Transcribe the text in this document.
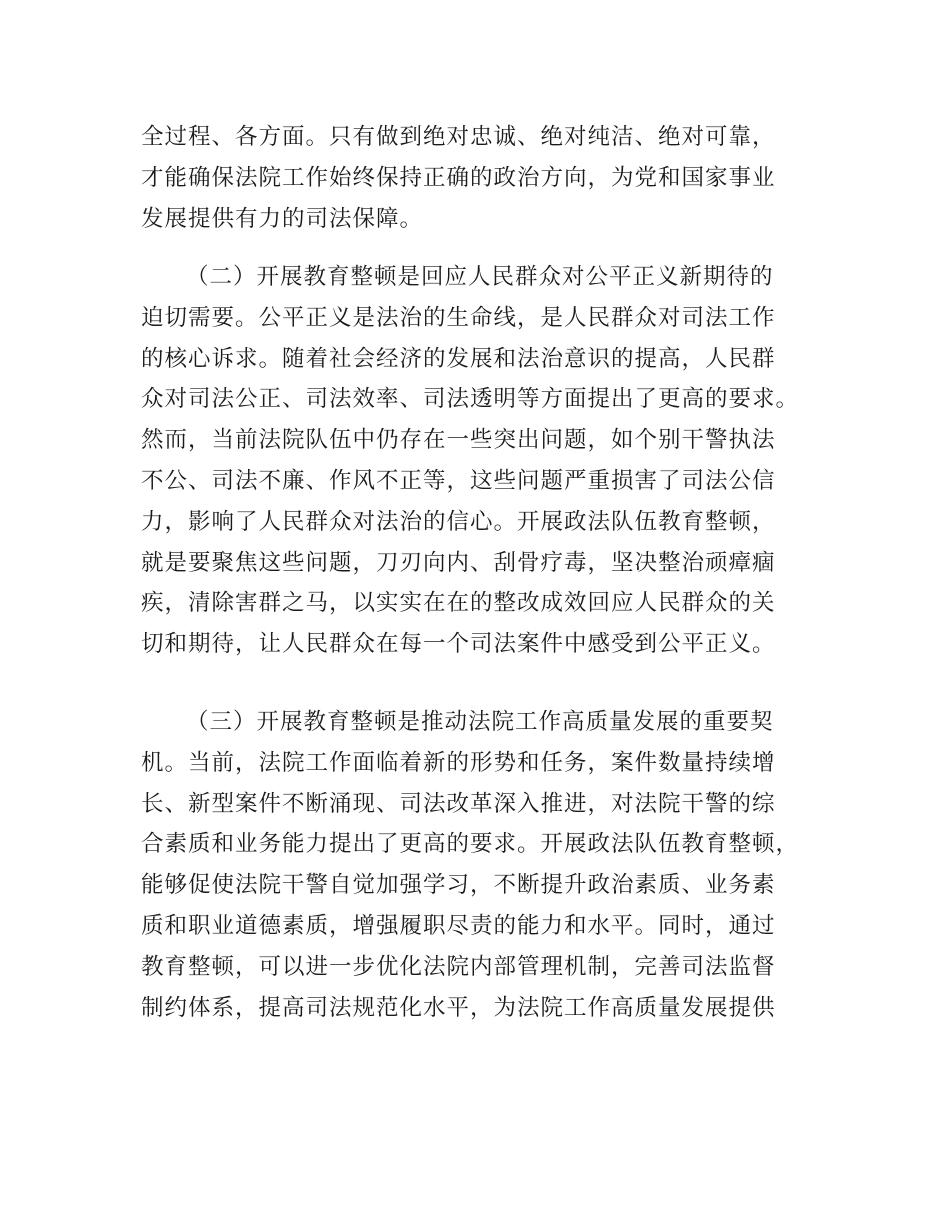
全过程、各方面。只有做到绝对忠诚、绝对纯洁、绝对可靠，
才能确保法院工作始终保持正确的政治方向，为党和国家事业
发展提供有力的司法保障。
（二）开展教育整顿是回应人民群众对公平正义新期待的
迫切需要。公平正义是法治的生命线，是人民群众对司法工作
的核心诉求。随着社会经济的发展和法治意识的提高，人民群
众对司法公正、司法效率、司法透明等方面提出了更高的要求。
然而，当前法院队伍中仍存在一些突出问题，如个别干警执法
不公、司法不廉、作风不正等，这些问题严重损害了司法公信
力，影响了人民群众对法治的信心。开展政法队伍教育整顿，
就是要聚焦这些问题，刀刃向内、刮骨疗毒，坚决整治顽瘴痼
疾，清除害群之马，以实实在在的整改成效回应人民群众的关
切和期待，让人民群众在每一个司法案件中感受到公平正义。
（三）开展教育整顿是推动法院工作高质量发展的重要契
机。当前，法院工作面临着新的形势和任务，案件数量持续增
长、新型案件不断涌现、司法改革深入推进，对法院干警的综
合素质和业务能力提出了更高的要求。开展政法队伍教育整顿，
能够促使法院干警自觉加强学习，不断提升政治素质、业务素
质和职业道德素质，增强履职尽责的能力和水平。同时，通过
教育整顿，可以进一步优化法院内部管理机制，完善司法监督
制约体系，提高司法规范化水平，为法院工作高质量发展提供
